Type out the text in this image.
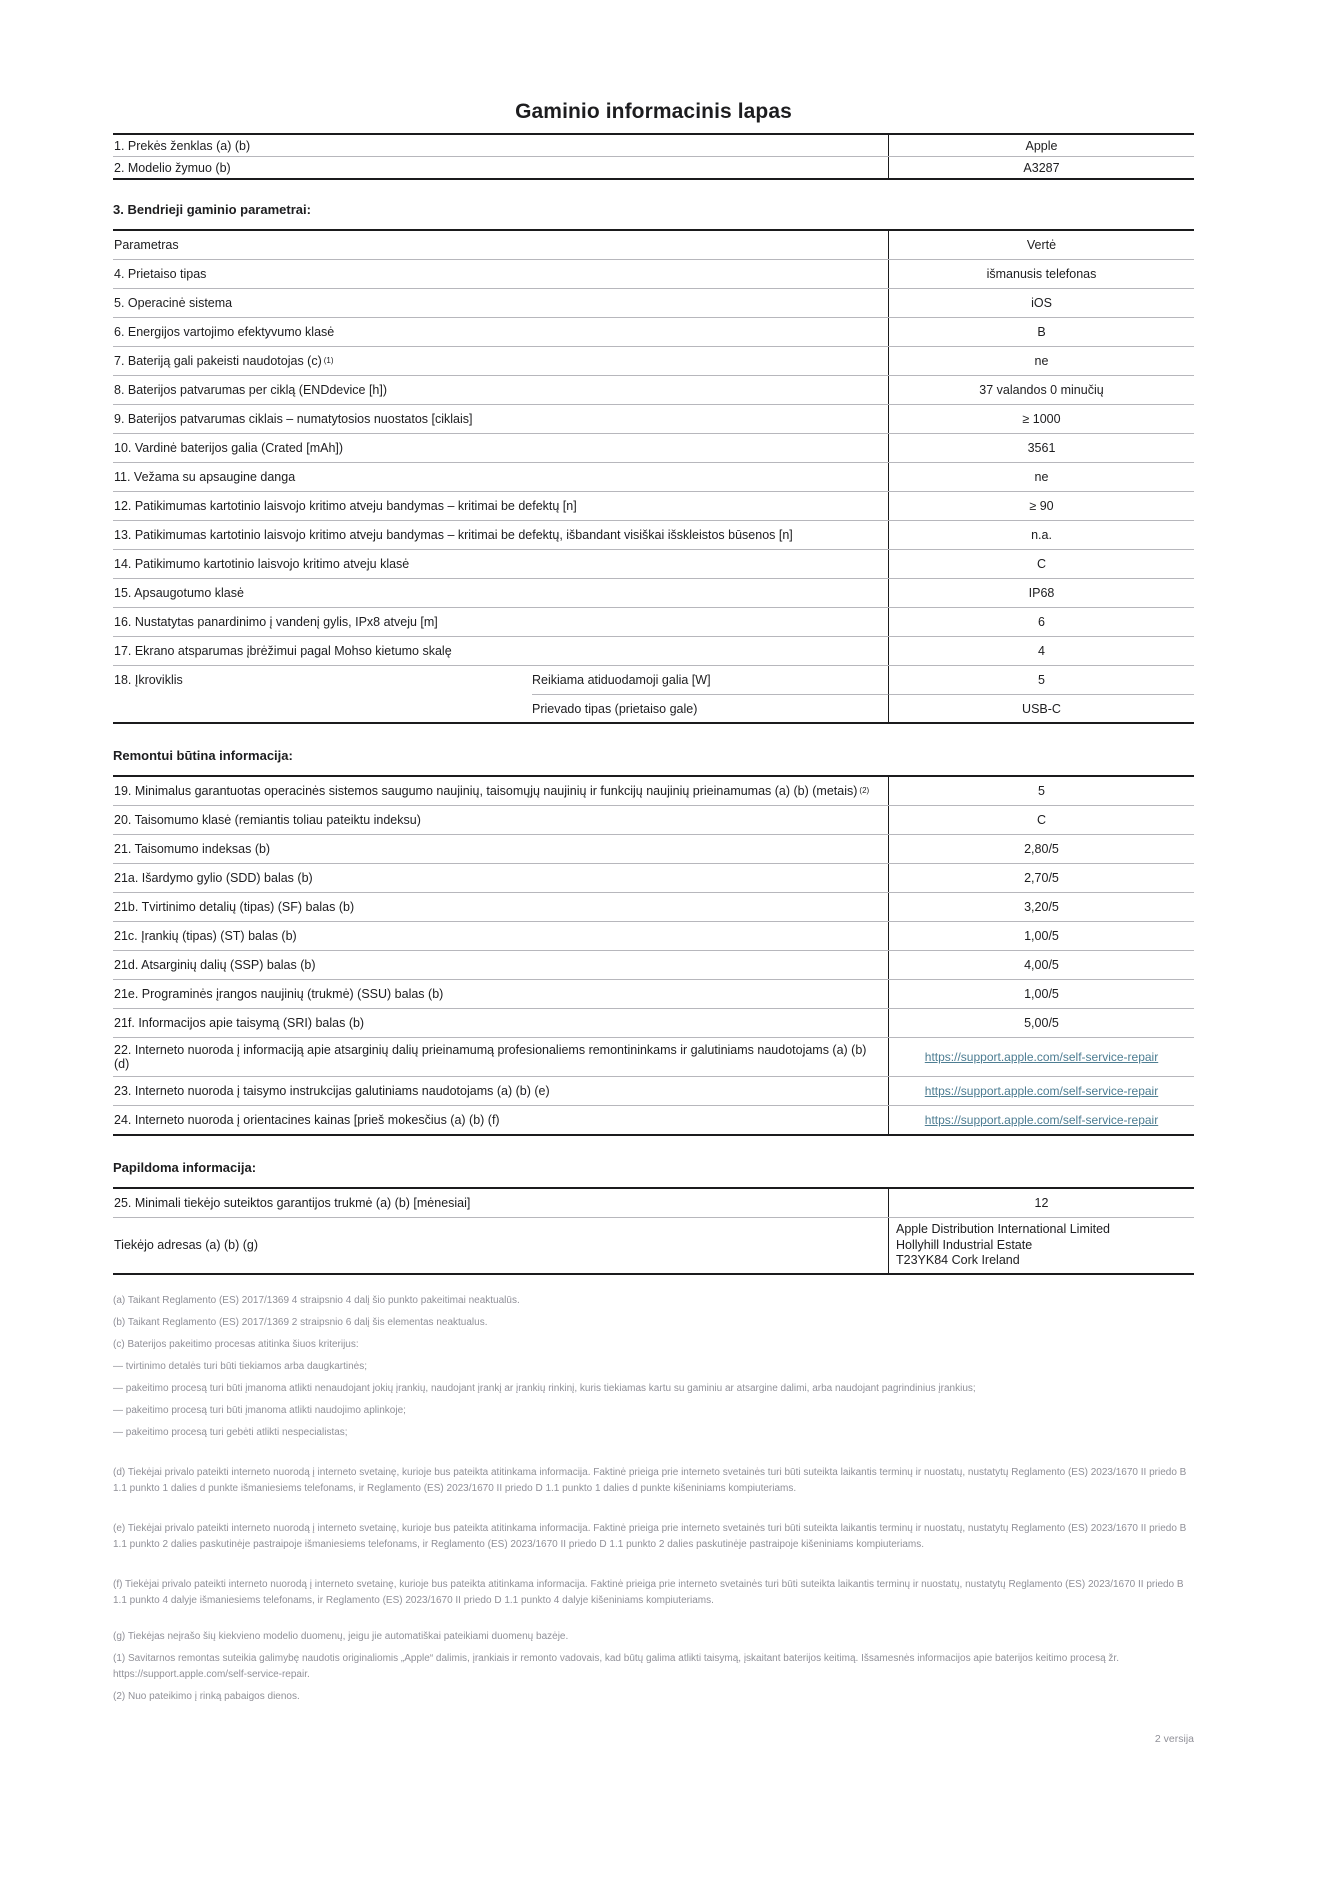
Gaminio informacinis lapas
1. Prekės ženklas (a) (b)	Apple
2. Modelio žymuo (b)	A3287
3. Bendrieji gaminio parametrai:
Parametras	Vertė
4. Prietaiso tipas	išmanusis telefonas
5. Operacinė sistema	iOS
6. Energijos vartojimo efektyvumo klasė	B
7. Bateriją gali pakeisti naudotojas (c) (1)	ne
8. Baterijos patvarumas per ciklą (ENDdevice [h])	37 valandos 0 minučių
9. Baterijos patvarumas ciklais – numatytosios nuostatos [ciklais]	≥ 1000
10. Vardinė baterijos galia (Crated [mAh])	3561
11. Vežama su apsaugine danga	ne
12. Patikimumas kartotinio laisvojo kritimo atveju bandymas – kritimai be defektų [n]	≥ 90
13. Patikimumas kartotinio laisvojo kritimo atveju bandymas – kritimai be defektų, išbandant visiškai išskleistos būsenos [n]	n.a.
14. Patikimumo kartotinio laisvojo kritimo atveju klasė	C
15. Apsaugotumo klasė	IP68
16. Nustatytas panardinimo į vandenį gylis, IPx8 atveju [m]	6
17. Ekrano atsparumas įbrėžimui pagal Mohso kietumo skalę	4
18. Įkroviklis	Reikiama atiduodamoji galia [W]	5
Prievado tipas (prietaiso gale)	USB-C
Remontui būtina informacija:
19. Minimalus garantuotas operacinės sistemos saugumo naujinių, taisomųjų naujinių ir funkcijų naujinių prieinamumas (a) (b) (metais) (2)	5
20. Taisomumo klasė (remiantis toliau pateiktu indeksu)	C
21. Taisomumo indeksas (b)	2,80/5
21a. Išardymo gylio (SDD) balas (b)	2,70/5
21b. Tvirtinimo detalių (tipas) (SF) balas (b)	3,20/5
21c. Įrankių (tipas) (ST) balas (b)	1,00/5
21d. Atsarginių dalių (SSP) balas (b)	4,00/5
21e. Programinės įrangos naujinių (trukmė) (SSU) balas (b)	1,00/5
21f. Informacijos apie taisymą (SRI) balas (b)	5,00/5
22. Interneto nuoroda į informaciją apie atsarginių dalių prieinamumą profesionaliems remontininkams ir galutiniams naudotojams (a) (b) (d)	https://support.apple.com/self-service-repair
23. Interneto nuoroda į taisymo instrukcijas galutiniams naudotojams (a) (b) (e)	https://support.apple.com/self-service-repair
24. Interneto nuoroda į orientacines kainas [prieš mokesčius (a) (b) (f)	https://support.apple.com/self-service-repair
Papildoma informacija:
25. Minimali tiekėjo suteiktos garantijos trukmė (a) (b) [mėnesiai]	12
Tiekėjo adresas (a) (b) (g)
Apple Distribution International Limited
Hollyhill Industrial Estate
T23YK84 Cork Ireland
(a) Taikant Reglamento (ES) 2017/1369 4 straipsnio 4 dalį šio punkto pakeitimai neaktualūs.
(b) Taikant Reglamento (ES) 2017/1369 2 straipsnio 6 dalį šis elementas neaktualus.
(c) Baterijos pakeitimo procesas atitinka šiuos kriterijus:
— tvirtinimo detalės turi būti tiekiamos arba daugkartinės;
— pakeitimo procesą turi būti įmanoma atlikti nenaudojant jokių įrankių, naudojant įrankį ar įrankių rinkinį, kuris tiekiamas kartu su gaminiu ar atsargine dalimi, arba naudojant pagrindinius įrankius;
— pakeitimo procesą turi būti įmanoma atlikti naudojimo aplinkoje;
— pakeitimo procesą turi gebėti atlikti nespecialistas;
(d) Tiekėjai privalo pateikti interneto nuorodą į interneto svetainę, kurioje bus pateikta atitinkama informacija. Faktinė prieiga prie interneto svetainės turi būti suteikta laikantis terminų ir nuostatų, nustatytų Reglamento (ES) 2023/1670 II priedo B 1.1 punkto 1 dalies d punkte išmaniesiems telefonams, ir Reglamento (ES) 2023/1670 II priedo D 1.1 punkto 1 dalies d punkte kišeniniams kompiuteriams.
(e) Tiekėjai privalo pateikti interneto nuorodą į interneto svetainę, kurioje bus pateikta atitinkama informacija. Faktinė prieiga prie interneto svetainės turi būti suteikta laikantis terminų ir nuostatų, nustatytų Reglamento (ES) 2023/1670 II priedo B 1.1 punkto 2 dalies paskutinėje pastraipoje išmaniesiems telefonams, ir Reglamento (ES) 2023/1670 II priedo D 1.1 punkto 2 dalies paskutinėje pastraipoje kišeniniams kompiuteriams.
(f) Tiekėjai privalo pateikti interneto nuorodą į interneto svetainę, kurioje bus pateikta atitinkama informacija. Faktinė prieiga prie interneto svetainės turi būti suteikta laikantis terminų ir nuostatų, nustatytų Reglamento (ES) 2023/1670 II priedo B 1.1 punkto 4 dalyje išmaniesiems telefonams, ir Reglamento (ES) 2023/1670 II priedo D 1.1 punkto 4 dalyje kišeniniams kompiuteriams.
(g) Tiekėjas neįrašo šių kiekvieno modelio duomenų, jeigu jie automatiškai pateikiami duomenų bazėje.
(1) Savitarnos remontas suteikia galimybę naudotis originaliomis „Apple“ dalimis, įrankiais ir remonto vadovais, kad būtų galima atlikti taisymą, įskaitant baterijos keitimą. Išsamesnės informacijos apie baterijos keitimo procesą žr. https://support.apple.com/self-service-repair.
(2) Nuo pateikimo į rinką pabaigos dienos.
2 versija
